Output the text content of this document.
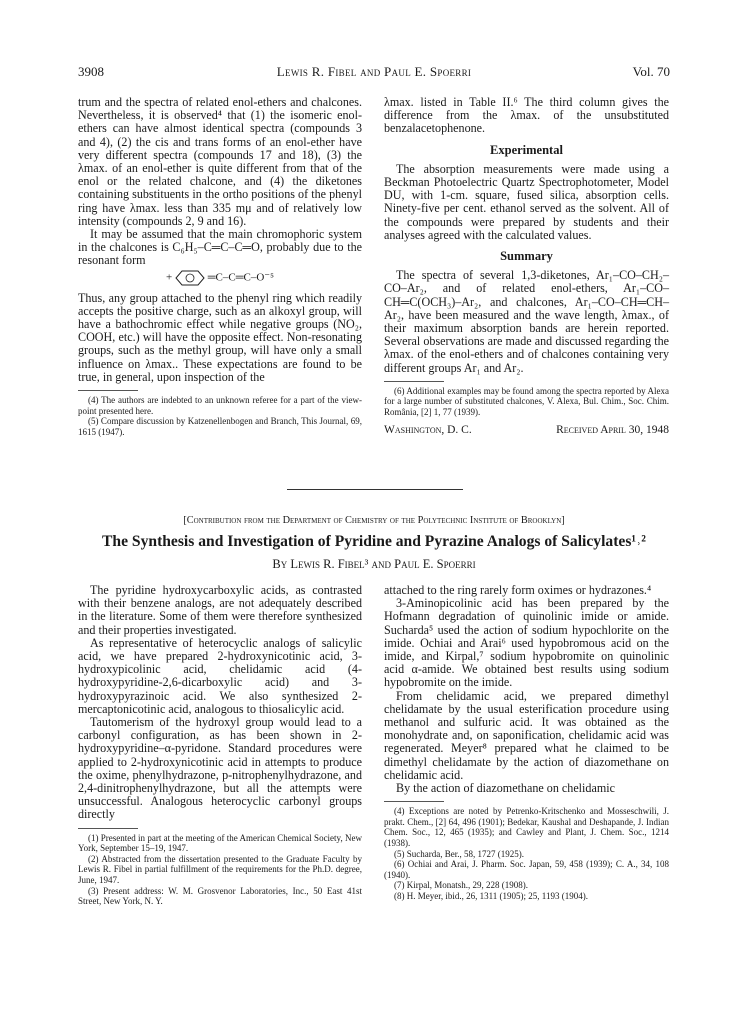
3908	Lewis R. Fibel and Paul E. Spoerri	Vol. 70

trum and the spectra of related enol-ethers and chalcones. Nevertheless, it is observed⁴ that (1) the isomeric enol-ethers can have almost identical spectra (compounds 3 and 4), (2) the cis and trans forms of an enol-ether have very different spectra (compounds 17 and 18), (3) the λmax. of an enol-ether is quite different from that of the enol or the related chalcone, and (4) the diketones containing substituents in the ortho positions of the phenyl ring have λmax. less than 335 mμ and of relatively low intensity (compounds 2, 9 and 16).

It may be assumed that the main chromophoric system in the chalcones is C₆H₅–C═C–C═O, probably due to the resonant form

+	═C–C═C–O⁻⁵

Thus, any group attached to the phenyl ring which readily accepts the positive charge, such as an alkoxyl group, will have a bathochromic effect while negative groups (NO₂, COOH, etc.) will have the opposite effect. Non-resonating groups, such as the methyl group, will have only a small influence on λmax.. These expectations are found to be true, in general, upon inspection of the

(4) The authors are indebted to an unknown referee for a part of the view-point presented here.

(5) Compare discussion by Katzenellenbogen and Branch, This Journal, 69, 1615 (1947).

λmax. listed in Table II.⁶ The third column gives the difference from the λmax. of the unsubstituted benzalacetophenone.

Experimental

The absorption measurements were made using a Beckman Photoelectric Quartz Spectrophotometer, Model DU, with 1-cm. square, fused silica, absorption cells. Ninety-five per cent. ethanol served as the solvent. All of the compounds were prepared by students and their analyses agreed with the calculated values.

Summary

The spectra of several 1,3-diketones, Ar₁–CO–CH₂–CO–Ar₂, and of related enol-ethers, Ar₁–CO–CH═C(OCH₃)–Ar₂, and chalcones, Ar₁–CO–CH═CH–Ar₂, have been measured and the wave length, λmax., of their maximum absorption bands are herein reported. Several observations are made and discussed regarding the λmax. of the enol-ethers and of chalcones containing very different groups Ar₁ and Ar₂.

(6) Additional examples may be found among the spectra reported by Alexa for a large number of substituted chalcones, V. Alexa, Bul. Chim., Soc. Chim. România, [2] 1, 77 (1939).

Washington, D. C.	Received April 30, 1948
[Contribution from the Department of Chemistry of the Polytechnic Institute of Brooklyn]
The Synthesis and Investigation of Pyridine and Pyrazine Analogs of Salicylates¹˒²
By Lewis R. Fibel³ and Paul E. Spoerri

The pyridine hydroxycarboxylic acids, as contrasted with their benzene analogs, are not adequately described in the literature. Some of them were therefore synthesized and their properties investigated.

As representative of heterocyclic analogs of salicylic acid, we have prepared 2-hydroxynicotinic acid, 3-hydroxypicolinic acid, chelidamic acid (4-hydroxypyridine-2,6-dicarboxylic acid) and 3-hydroxypyrazinoic acid. We also synthesized 2-mercaptonicotinic acid, analogous to thiosalicylic acid.

Tautomerism of the hydroxyl group would lead to a carbonyl configuration, as has been shown in 2-hydroxypyridine–α-pyridone. Standard procedures were applied to 2-hydroxynicotinic acid in attempts to produce the oxime, phenylhydrazone, p-nitrophenylhydrazone, and 2,4-dinitrophenylhydrazone, but all the attempts were unsuccessful. Analogous heterocyclic carbonyl groups directly

(1) Presented in part at the meeting of the American Chemical Society, New York, September 15–19, 1947.

(2) Abstracted from the dissertation presented to the Graduate Faculty by Lewis R. Fibel in partial fulfillment of the requirements for the Ph.D. degree, June, 1947.

(3) Present address: W. M. Grosvenor Laboratories, Inc., 50 East 41st Street, New York, N. Y.

attached to the ring rarely form oximes or hydrazones.⁴

3-Aminopicolinic acid has been prepared by the Hofmann degradation of quinolinic imide or amide. Sucharda⁵ used the action of sodium hypochlorite on the imide. Ochiai and Arai⁶ used hypobromous acid on the imide, and Kirpal,⁷ sodium hypobromite on quinolinic acid α-amide. We obtained best results using sodium hypobromite on the imide.

From chelidamic acid, we prepared dimethyl chelidamate by the usual esterification procedure using methanol and sulfuric acid. It was obtained as the monohydrate and, on saponification, chelidamic acid was regenerated. Meyer⁸ prepared what he claimed to be dimethyl chelidamate by the action of diazomethane on chelidamic acid.

By the action of diazomethane on chelidamic

(4) Exceptions are noted by Petrenko-Kritschenko and Mosseschwili, J. prakt. Chem., [2] 64, 496 (1901); Bedekar, Kaushal and Deshapande, J. Indian Chem. Soc., 12, 465 (1935); and Cawley and Plant, J. Chem. Soc., 1214 (1938).

(5) Sucharda, Ber., 58, 1727 (1925).

(6) Ochiai and Arai, J. Pharm. Soc. Japan, 59, 458 (1939); C. A., 34, 108 (1940).

(7) Kirpal, Monatsh., 29, 228 (1908).

(8) H. Meyer, ibid., 26, 1311 (1905); 25, 1193 (1904).
